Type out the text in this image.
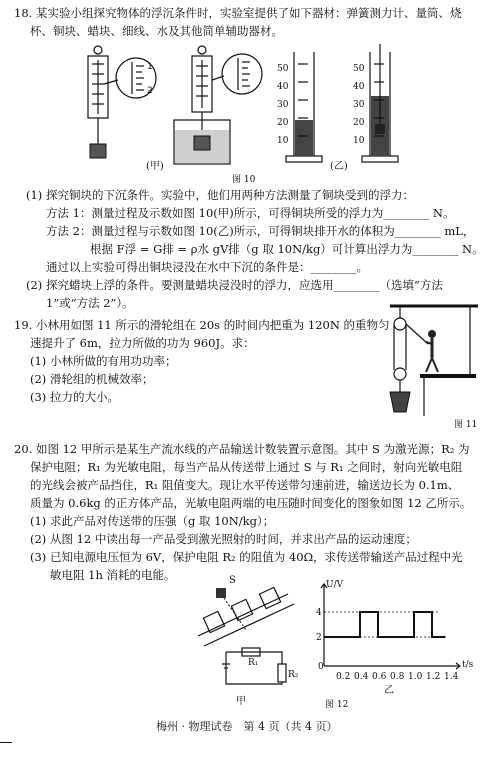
18. 某实验小组探究物体的浮沉条件时，实验室提供了如下器材：弹簧测力计、量筒、烧
杯、铜块、蜡块、细线、水及其他简单辅助器材。
1
2
50
40
30
20
10
50
40
30
20
10
(甲)	(乙)
图 10
(1) 探究铜块的下沉条件。实验中，他们用两种方法测量了铜块受到的浮力：
方法 1：测量过程及示数如图 10(甲)所示，可得铜块所受的浮力为________ N。
方法 2：测量过程与示数如图 10(乙)所示，可得铜块排开水的体积为________ mL，
根据 F浮 = G排 = ρ水 gV排（g 取 10N/kg）可计算出浮力为________ N。
通过以上实验可得出铜块浸没在水中下沉的条件是：________。
(2) 探究蜡块上浮的条件。要测量蜡块浸没时的浮力，应选用________（选填“方法
1”或“方法 2”）。
19. 小林用如图 11 所示的滑轮组在 20s 的时间内把重为 120N 的重物匀
速提升了 6m，拉力所做的功为 960J。求：
(1) 小林所做的有用功功率；
(2) 滑轮组的机械效率；
(3) 拉力的大小。
图 11
20. 如图 12 甲所示是某生产流水线的产品输送计数装置示意图。其中 S 为激光源；R₂ 为
保护电阻；R₁ 为光敏电阻，每当产品从传送带上通过 S 与 R₁ 之间时，射向光敏电阻
的光线会被产品挡住，R₁ 阻值变大。现让水平传送带匀速前进，输送边长为 0.1m、
质量为 0.6kg 的正方体产品，光敏电阻两端的电压随时间变化的图象如图 12 乙所示。
(1) 求此产品对传送带的压强（g 取 10N/kg）；
(2) 从图 12 中读出每一产品受到激光照射的时间，并求出产品的运动速度；
(3) 已知电源电压恒为 6V，保护电阻 R₂ 的阻值为 40Ω，求传送带输送产品过程中光
敏电阻 1h 消耗的电能。	S
R₁
R₂
甲
U/V
t/s
4
2
0
0.2 0.4 0.6 0.8 1.0 1.2 1.4
乙
图 12
梅州 · 物理试卷　第 4 页（共 4 页）
